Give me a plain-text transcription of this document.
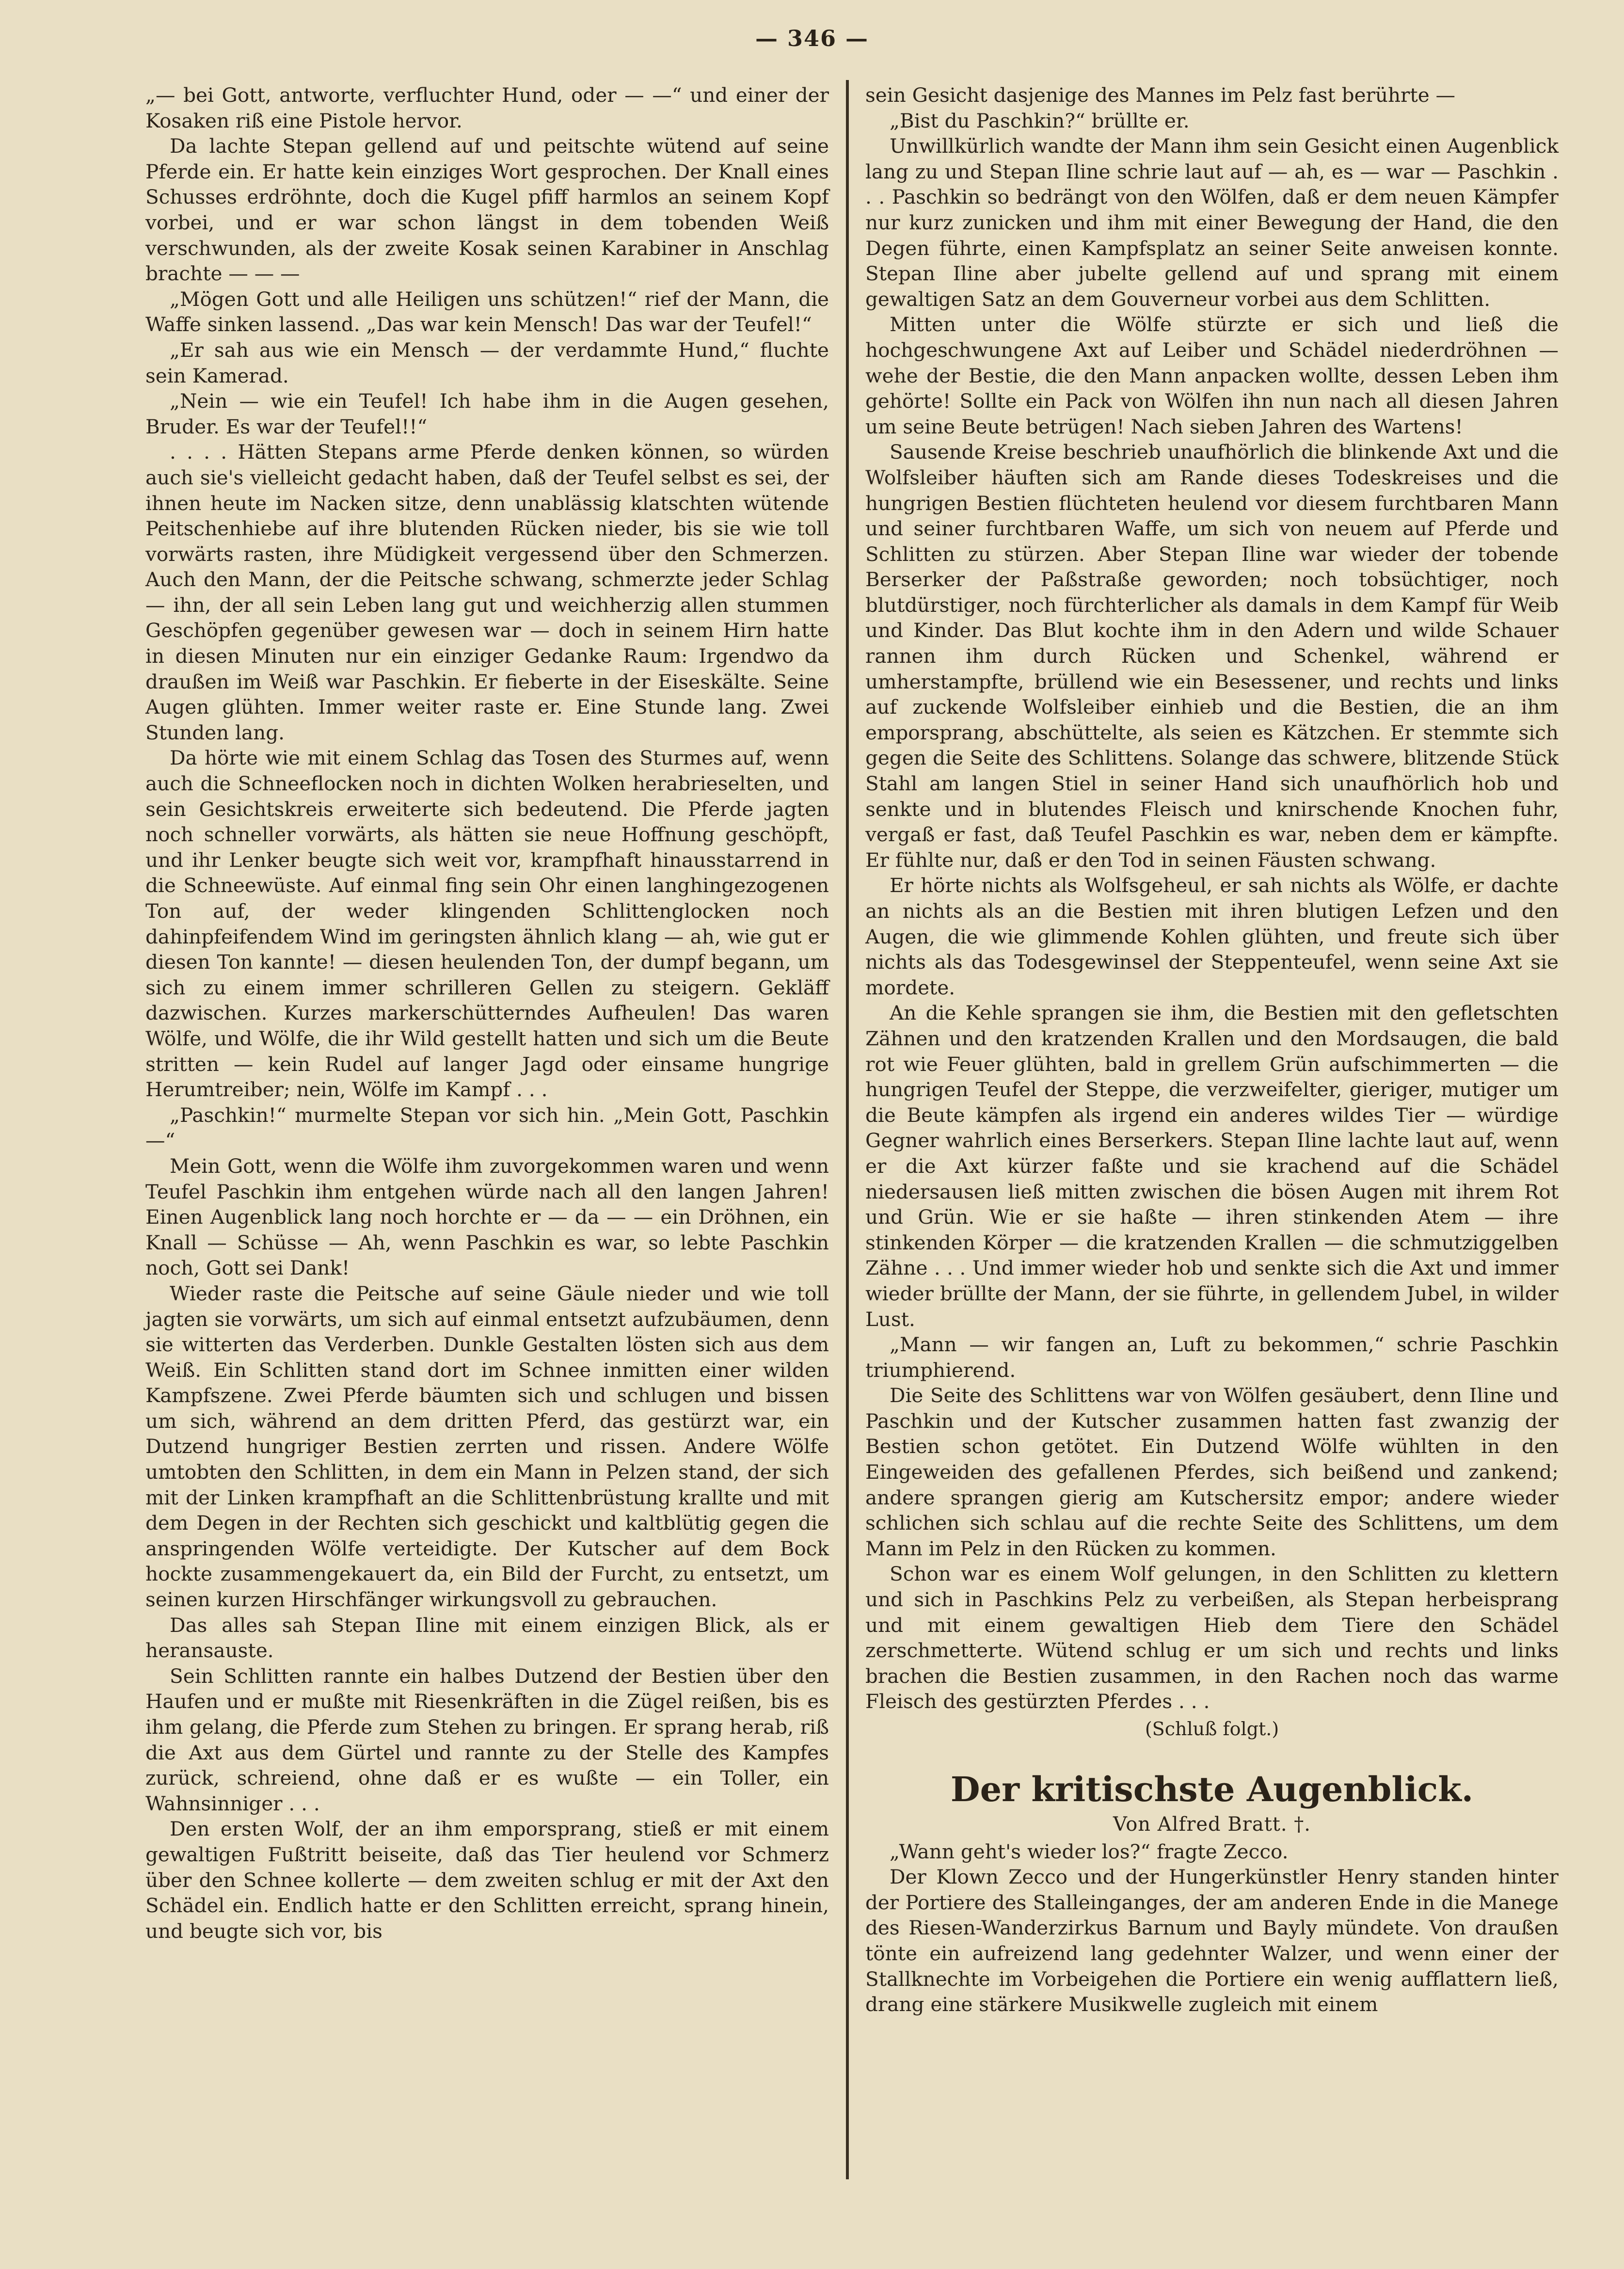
— 346 —

„— bei Gott, antworte, verfluchter Hund, oder — —“ und einer der Kosaken riß eine Pistole hervor.

Da lachte Stepan gellend auf und peitschte wütend auf seine Pferde ein. Er hatte kein einziges Wort gesprochen. Der Knall eines Schusses erdröhnte, doch die Kugel pfiff harmlos an seinem Kopf vorbei, und er war schon längst in dem tobenden Weiß verschwunden, als der zweite Kosak seinen Karabiner in Anschlag brachte — — —

„Mögen Gott und alle Heiligen uns schützen!“ rief der Mann, die Waffe sinken lassend. „Das war kein Mensch! Das war der Teufel!“

„Er sah aus wie ein Mensch — der verdammte Hund,“ fluchte sein Kamerad.

„Nein — wie ein Teufel! Ich habe ihm in die Augen gesehen, Bruder. Es war der Teufel!!“

. . . . Hätten Stepans arme Pferde denken können, so würden auch sie's vielleicht gedacht haben, daß der Teufel selbst es sei, der ihnen heute im Nacken sitze, denn unablässig klatschten wütende Peitschenhiebe auf ihre blutenden Rücken nieder, bis sie wie toll vorwärts rasten, ihre Müdigkeit vergessend über den Schmerzen. Auch den Mann, der die Peitsche schwang, schmerzte jeder Schlag — ihn, der all sein Leben lang gut und weichherzig allen stummen Geschöpfen gegenüber gewesen war — doch in seinem Hirn hatte in diesen Minuten nur ein einziger Gedanke Raum: Irgendwo da draußen im Weiß war Paschkin. Er fieberte in der Eiseskälte. Seine Augen glühten. Immer weiter raste er. Eine Stunde lang. Zwei Stunden lang.

Da hörte wie mit einem Schlag das Tosen des Sturmes auf, wenn auch die Schneeflocken noch in dichten Wolken herabrieselten, und sein Gesichtskreis erweiterte sich bedeutend. Die Pferde jagten noch schneller vorwärts, als hätten sie neue Hoffnung geschöpft, und ihr Lenker beugte sich weit vor, krampfhaft hinausstarrend in die Schneewüste. Auf einmal fing sein Ohr einen langhingezogenen Ton auf, der weder klingenden Schlittenglocken noch dahinpfeifendem Wind im geringsten ähnlich klang — ah, wie gut er diesen Ton kannte! — diesen heulenden Ton, der dumpf begann, um sich zu einem immer schrilleren Gellen zu steigern. Gekläff dazwischen. Kurzes markerschütterndes Aufheulen! Das waren Wölfe, und Wölfe, die ihr Wild gestellt hatten und sich um die Beute stritten — kein Rudel auf langer Jagd oder einsame hungrige Herumtreiber; nein, Wölfe im Kampf . . .

„Paschkin!“ murmelte Stepan vor sich hin. „Mein Gott, Paschkin —“

Mein Gott, wenn die Wölfe ihm zuvorgekommen waren und wenn Teufel Paschkin ihm entgehen würde nach all den langen Jahren! Einen Augenblick lang noch horchte er — da — — ein Dröhnen, ein Knall — Schüsse — Ah, wenn Paschkin es war, so lebte Paschkin noch, Gott sei Dank!

Wieder raste die Peitsche auf seine Gäule nieder und wie toll jagten sie vorwärts, um sich auf einmal entsetzt aufzubäumen, denn sie witterten das Verderben. Dunkle Gestalten lösten sich aus dem Weiß. Ein Schlitten stand dort im Schnee inmitten einer wilden Kampfszene. Zwei Pferde bäumten sich und schlugen und bissen um sich, während an dem dritten Pferd, das gestürzt war, ein Dutzend hungriger Bestien zerrten und rissen. Andere Wölfe umtobten den Schlitten, in dem ein Mann in Pelzen stand, der sich mit der Linken krampfhaft an die Schlittenbrüstung krallte und mit dem Degen in der Rechten sich geschickt und kaltblütig gegen die anspringenden Wölfe verteidigte. Der Kutscher auf dem Bock hockte zusammengekauert da, ein Bild der Furcht, zu entsetzt, um seinen kurzen Hirschfänger wirkungsvoll zu gebrauchen.

Das alles sah Stepan Iline mit einem einzigen Blick, als er heransauste.

Sein Schlitten rannte ein halbes Dutzend der Bestien über den Haufen und er mußte mit Riesenkräften in die Zügel reißen, bis es ihm gelang, die Pferde zum Stehen zu bringen. Er sprang herab, riß die Axt aus dem Gürtel und rannte zu der Stelle des Kampfes zurück, schreiend, ohne daß er es wußte — ein Toller, ein Wahnsinniger . . .

Den ersten Wolf, der an ihm emporsprang, stieß er mit einem gewaltigen Fußtritt beiseite, daß das Tier heulend vor Schmerz über den Schnee kollerte — dem zweiten schlug er mit der Axt den Schädel ein. Endlich hatte er den Schlitten erreicht, sprang hinein, und beugte sich vor, bis

sein Gesicht dasjenige des Mannes im Pelz fast berührte —

„Bist du Paschkin?“ brüllte er.

Unwillkürlich wandte der Mann ihm sein Gesicht einen Augenblick lang zu und Stepan Iline schrie laut auf — ah, es — war — Paschkin . . . Paschkin so bedrängt von den Wölfen, daß er dem neuen Kämpfer nur kurz zunicken und ihm mit einer Bewegung der Hand, die den Degen führte, einen Kampfsplatz an seiner Seite anweisen konnte. Stepan Iline aber jubelte gellend auf und sprang mit einem gewaltigen Satz an dem Gouverneur vorbei aus dem Schlitten.

Mitten unter die Wölfe stürzte er sich und ließ die hochgeschwungene Axt auf Leiber und Schädel niederdröhnen — wehe der Bestie, die den Mann anpacken wollte, dessen Leben ihm gehörte! Sollte ein Pack von Wölfen ihn nun nach all diesen Jahren um seine Beute betrügen! Nach sieben Jahren des Wartens!

Sausende Kreise beschrieb unaufhörlich die blinkende Axt und die Wolfsleiber häuften sich am Rande dieses Todeskreises und die hungrigen Bestien flüchteten heulend vor diesem furchtbaren Mann und seiner furchtbaren Waffe, um sich von neuem auf Pferde und Schlitten zu stürzen. Aber Stepan Iline war wieder der tobende Berserker der Paßstraße geworden; noch tobsüchtiger, noch blutdürstiger, noch fürchterlicher als damals in dem Kampf für Weib und Kinder. Das Blut kochte ihm in den Adern und wilde Schauer rannen ihm durch Rücken und Schenkel, während er umherstampfte, brüllend wie ein Besessener, und rechts und links auf zuckende Wolfsleiber einhieb und die Bestien, die an ihm emporsprang, abschüttelte, als seien es Kätzchen. Er stemmte sich gegen die Seite des Schlittens. Solange das schwere, blitzende Stück Stahl am langen Stiel in seiner Hand sich unaufhörlich hob und senkte und in blutendes Fleisch und knirschende Knochen fuhr, vergaß er fast, daß Teufel Paschkin es war, neben dem er kämpfte. Er fühlte nur, daß er den Tod in seinen Fäusten schwang.

Er hörte nichts als Wolfsgeheul, er sah nichts als Wölfe, er dachte an nichts als an die Bestien mit ihren blutigen Lefzen und den Augen, die wie glimmende Kohlen glühten, und freute sich über nichts als das Todesgewinsel der Steppenteufel, wenn seine Axt sie mordete.

An die Kehle sprangen sie ihm, die Bestien mit den gefletschten Zähnen und den kratzenden Krallen und den Mordsaugen, die bald rot wie Feuer glühten, bald in grellem Grün aufschimmerten — die hungrigen Teufel der Steppe, die verzweifelter, gieriger, mutiger um die Beute kämpfen als irgend ein anderes wildes Tier — würdige Gegner wahrlich eines Berserkers. Stepan Iline lachte laut auf, wenn er die Axt kürzer faßte und sie krachend auf die Schädel niedersausen ließ mitten zwischen die bösen Augen mit ihrem Rot und Grün. Wie er sie haßte — ihren stinkenden Atem — ihre stinkenden Körper — die kratzenden Krallen — die schmutziggelben Zähne . . . Und immer wieder hob und senkte sich die Axt und immer wieder brüllte der Mann, der sie führte, in gellendem Jubel, in wilder Lust.

„Mann — wir fangen an, Luft zu bekommen,“ schrie Paschkin triumphierend.

Die Seite des Schlittens war von Wölfen gesäubert, denn Iline und Paschkin und der Kutscher zusammen hatten fast zwanzig der Bestien schon getötet. Ein Dutzend Wölfe wühlten in den Eingeweiden des gefallenen Pferdes, sich beißend und zankend; andere sprangen gierig am Kutschersitz empor; andere wieder schlichen sich schlau auf die rechte Seite des Schlittens, um dem Mann im Pelz in den Rücken zu kommen.

Schon war es einem Wolf gelungen, in den Schlitten zu klettern und sich in Paschkins Pelz zu verbeißen, als Stepan herbeisprang und mit einem gewaltigen Hieb dem Tiere den Schädel zerschmetterte. Wütend schlug er um sich und rechts und links brachen die Bestien zusammen, in den Rachen noch das warme Fleisch des gestürzten Pferdes . . .

(Schluß folgt.)
Der kritischste Augenblick.
Von Alfred Bratt. †.

„Wann geht's wieder los?“ fragte Zecco.

Der Klown Zecco und der Hungerkünstler Henry standen hinter der Portiere des Stalleinganges, der am anderen Ende in die Manege des Riesen-Wanderzirkus Barnum und Bayly mündete. Von draußen tönte ein aufreizend lang gedehnter Walzer, und wenn einer der Stallknechte im Vorbeigehen die Portiere ein wenig aufflattern ließ, drang eine stärkere Musikwelle zugleich mit einem
